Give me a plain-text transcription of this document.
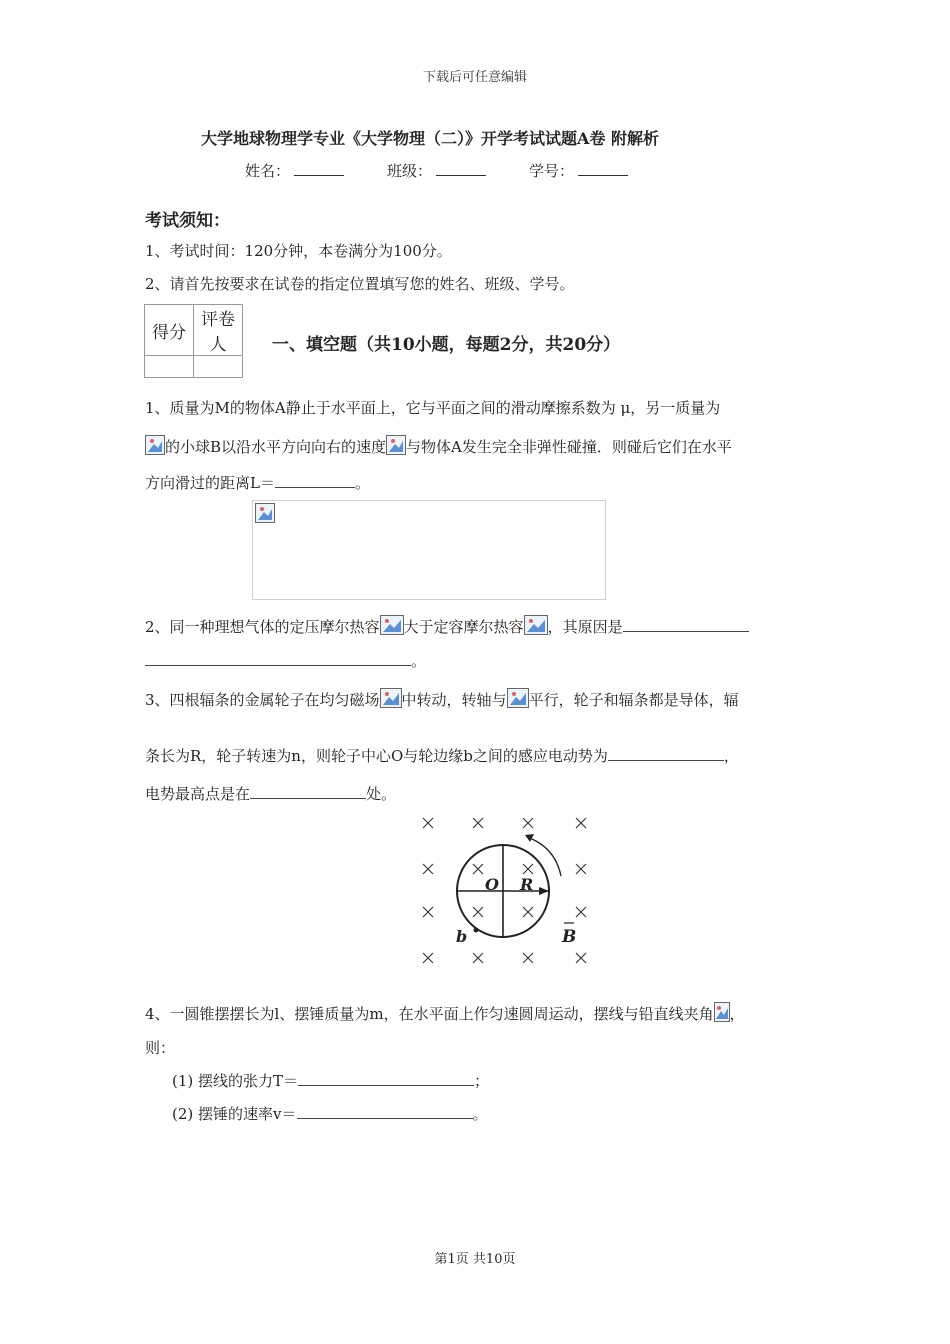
下载后可任意编辑
大学地球物理学专业《大学物理（二）》开学考试试题A卷 附解析
姓名：	班级：	学号：
考试须知：
1、考试时间：120分钟，本卷满分为100分。
2、请首先按要求在试卷的指定位置填写您的姓名、班级、学号。
得分	评卷人
		一、填空题（共10小题，每题2分，共20分）
1、质量为M的物体A静止于水平面上，它与平面之间的滑动摩擦系数为 μ，另一质量为
的小球B以沿水平方向向右的速度 与物体A发生完全非弹性碰撞．则碰后它们在水平
方向滑过的距离L＝	。
2、同一种理想气体的定压摩尔热容 大于定容摩尔热容 ，其原因是
。
3、四根辐条的金属轮子在均匀磁场 中转动，转轴与 平行，轮子和辐条都是导体，辐
条长为R，轮子转速为n，则轮子中心O与轮边缘b之间的感应电动势为	，
电势最高点是在	处。
O R
b	B
4、一圆锥摆摆长为l、摆锤质量为m，在水平面上作匀速圆周运动，摆线与铅直线夹角 ，
则：
(1) 摆线的张力T＝	；
(2) 摆锤的速率v＝	。
第1页 共10页
